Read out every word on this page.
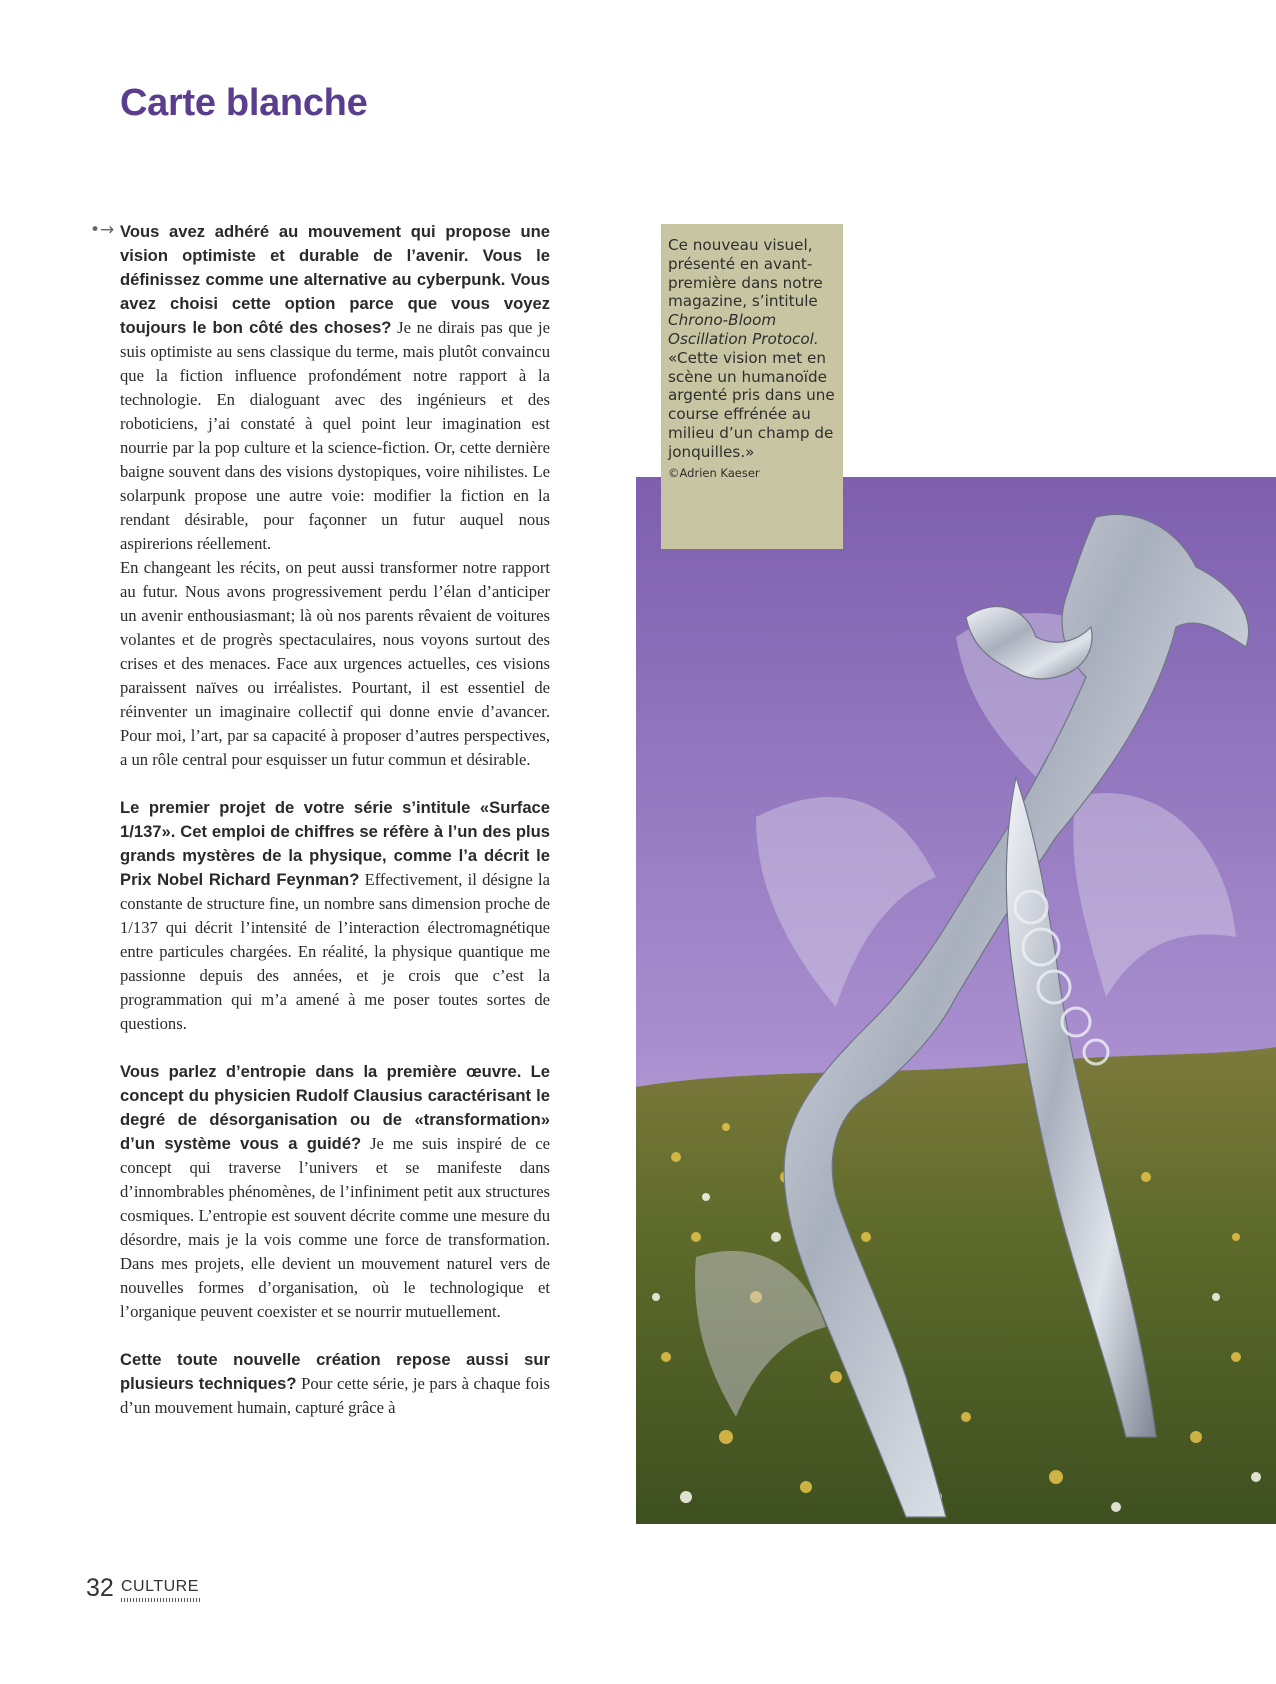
Carte blanche
•→ Vous avez adhéré au mouvement qui propose une vision optimiste et durable de l’avenir. Vous le définissez comme une alternative au cyberpunk. Vous avez choisi cette option parce que vous voyez toujours le bon côté des choses? Je ne dirais pas que je suis optimiste au sens classique du terme, mais plutôt convaincu que la fiction influence profondément notre rapport à la technologie. En dialoguant avec des ingénieurs et des roboticiens, j’ai constaté à quel point leur imagination est nourrie par la pop culture et la science-fiction. Or, cette dernière baigne souvent dans des visions dystopiques, voire nihilistes. Le solarpunk propose une autre voie: modifier la fiction en la rendant désirable, pour façonner un futur auquel nous aspirerions réellement.

En changeant les récits, on peut aussi transformer notre rapport au futur. Nous avons progressivement perdu l’élan d’anticiper un avenir enthousiasmant; là où nos parents rêvaient de voitures volantes et de progrès spectaculaires, nous voyons surtout des crises et des menaces. Face aux urgences actuelles, ces visions paraissent naïves ou irréalistes. Pourtant, il est essentiel de réinventer un imaginaire collectif qui donne envie d’avancer. Pour moi, l’art, par sa capacité à proposer d’autres perspectives, a un rôle central pour esquisser un futur commun et désirable.

Le premier projet de votre série s’intitule «Surface 1/137». Cet emploi de chiffres se réfère à l’un des plus grands mystères de la physique, comme l’a décrit le Prix Nobel Richard Feynman? Effectivement, il désigne la constante de structure fine, un nombre sans dimension proche de 1/137 qui décrit l’intensité de l’interaction électromagnétique entre particules chargées. En réalité, la physique quantique me passionne depuis des années, et je crois que c’est la programmation qui m’a amené à me poser toutes sortes de questions.

Vous parlez d’entropie dans la première œuvre. Le concept du physicien Rudolf Clausius caractérisant le degré de désorganisation ou de «transformation» d’un système vous a guidé? Je me suis inspiré de ce concept qui traverse l’univers et se manifeste dans d’innombrables phénomènes, de l’infiniment petit aux structures cosmiques. L’entropie est souvent décrite comme une mesure du désordre, mais je la vois comme une force de transformation. Dans mes projets, elle devient un mouvement naturel vers de nouvelles formes d’organisation, où le technologique et l’organique peuvent coexister et se nourrir mutuellement.

Cette toute nouvelle création repose aussi sur plusieurs techniques? Pour cette série, je pars à chaque fois d’un mouvement humain, capturé grâce à

Ce nouveau visuel, présenté en avant-première dans notre magazine, s’intitule Chrono-Bloom Oscillation Protocol. «Cette vision met en scène un humanoïde argenté pris dans une course effrénée au milieu d’un champ de jonquilles.»
©Adrien Kaeser
32 CULTURE
